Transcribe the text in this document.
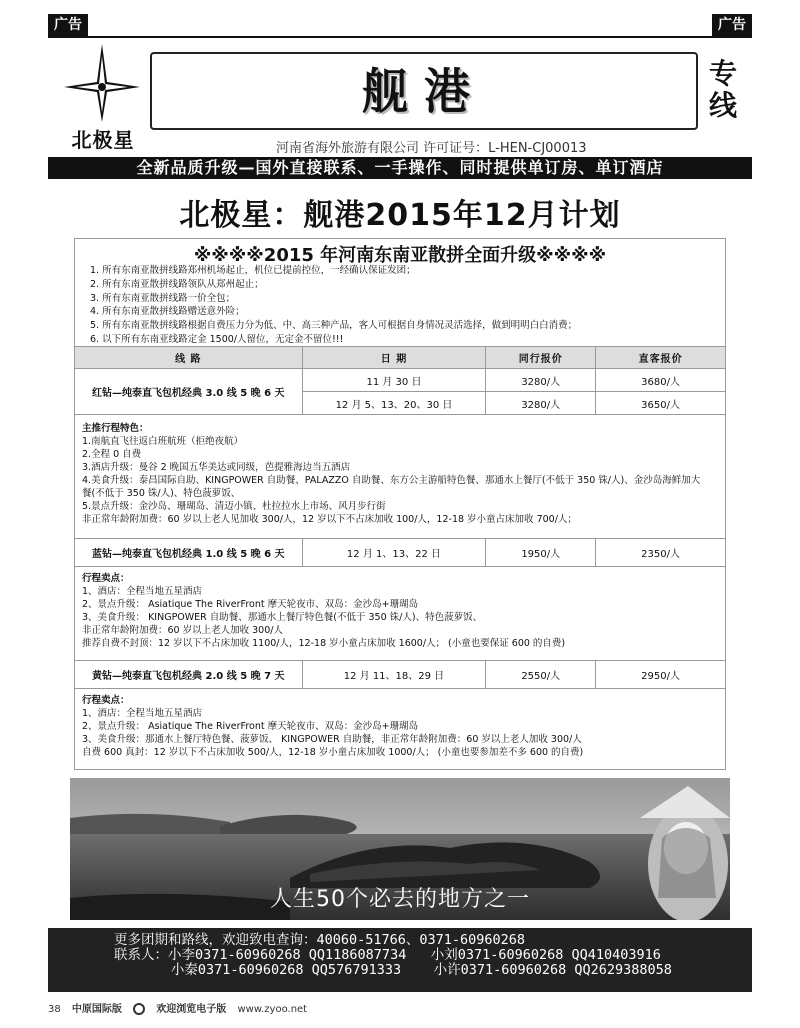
广告	广告
北极星
舰港	专线
河南省海外旅游有限公司 许可证号：L-HEN-CJ00013
全新品质升级—国外直接联系、一手操作、同时提供单订房、单订酒店
北极星：舰港2015年12月计划
※※※※2015 年河南东南亚散拼全面升级※※※※
1. 所有东南亚散拼线路郑州机场起止，机位已提前控位，一经确认保证发团；
2. 所有东南亚散拼线路领队从郑州起止；
3. 所有东南亚散拼线路一价全包；
4. 所有东南亚散拼线路赠送意外险；
5. 所有东南亚散拼线路根据自费压力分为低、中、高三种产品，客人可根据自身情况灵活选择，做到明明白白消费；
6. 以下所有东南亚线路定金 1500/人留位，无定金不留位!!!
线 路	日 期	同行报价	直客报价
红钻—纯泰直飞包机经典 3.0 线 5 晚 6 天	11 月 30 日	3280/人	3680/人
	12 月 5、13、20、30 日	3280/人	3650/人
主推行程特色：
1.南航直飞往返白班航班（拒绝夜航）
2.全程 0 自费
3.酒店升级：曼谷 2 晚国五华美达或同级，芭提雅海边当五酒店
4.美食升级：泰昌国际自助、KINGPOWER 自助餐、PALAZZO 自助餐、东方公主游船特色餐、那通水上餐厅(不低于 350 铢/人)、金沙岛海鲜加大
餐(不低于 350 铢/人)、特色菠萝饭、
5.景点升级：金沙岛、珊瑚岛、清迈小镇、杜拉拉水上市场、风月步行街
非正常年龄附加费：60 岁以上老人见加收 300/人，12 岁以下不占床加收 100/人，12-18 岁小童占床加收 700/人；
蓝钻—纯泰直飞包机经典 1.0 线 5 晚 6 天	12 月 1、13、22 日	1950/人	2350/人
行程卖点：
1、酒店：全程当地五星酒店
2、景点升级： Asiatique The RiverFront 摩天轮夜市、双岛：金沙岛+珊瑚岛
3、美食升级： KINGPOWER 自助餐、那通水上餐厅特色餐(不低于 350 铢/人)、特色菠萝饭、
非正常年龄附加费：60 岁以上老人加收 300/人
推荐自费不封顶：12 岁以下不占床加收 1100/人，12-18 岁小童占床加收 1600/人； (小童也要保证 600 的自费)
黄钻—纯泰直飞包机经典 2.0 线 5 晚 7 天	12 月 11、18、29 日	2550/人	2950/人
行程卖点：
1、酒店：全程当地五星酒店
2、景点升级： Asiatique The RiverFront 摩天轮夜市、双岛：金沙岛+珊瑚岛
3、美食升级：那通水上餐厅特色餐、菠萝饭、 KINGPOWER 自助餐，非正常年龄附加费：60 岁以上老人加收 300/人
自费 600 真封：12 岁以下不占床加收 500/人，12-18 岁小童占床加收 1000/人； (小童也要参加差不多 600 的自费)
人生50个必去的地方之一
更多团期和路线，欢迎致电查询：40060-51766、0371-60960268
联系人：小李0371-60960268 QQ1186087734   小刘0371-60960268 QQ410403916
小秦0371-60960268 QQ576791333    小许0371-60960268 QQ2629388058
38 中原国际版	欢迎浏览电子版 www.zyoo.net
